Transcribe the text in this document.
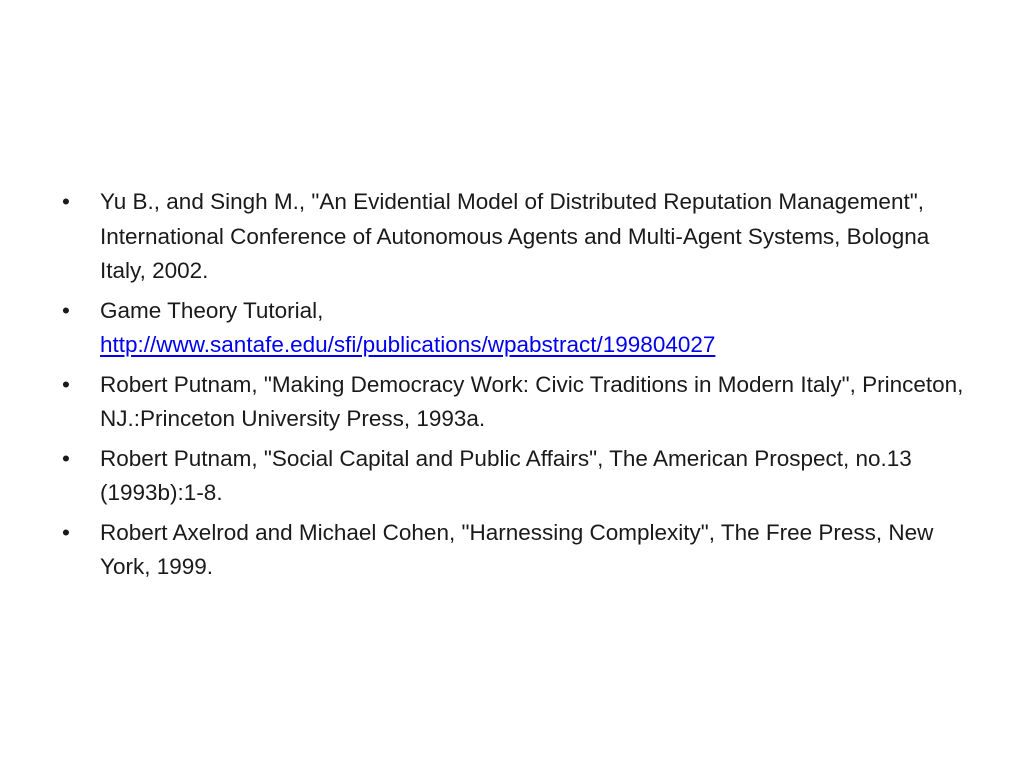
•	Yu B., and Singh M., "An Evidential Model of Distributed Reputation Management", International Conference of Autonomous Agents and Multi-Agent Systems, Bologna Italy, 2002.
•	Game Theory Tutorial,
http://www.santafe.edu/sfi/publications/wpabstract/199804027
•	Robert Putnam, "Making Democracy Work: Civic Traditions in Modern Italy", Princeton, NJ.:Princeton University Press, 1993a.
•	Robert Putnam, "Social Capital and Public Affairs", The American Prospect, no.13 (1993b):1-8.
•	Robert Axelrod and Michael Cohen, "Harnessing Complexity", The Free Press, New York, 1999.
